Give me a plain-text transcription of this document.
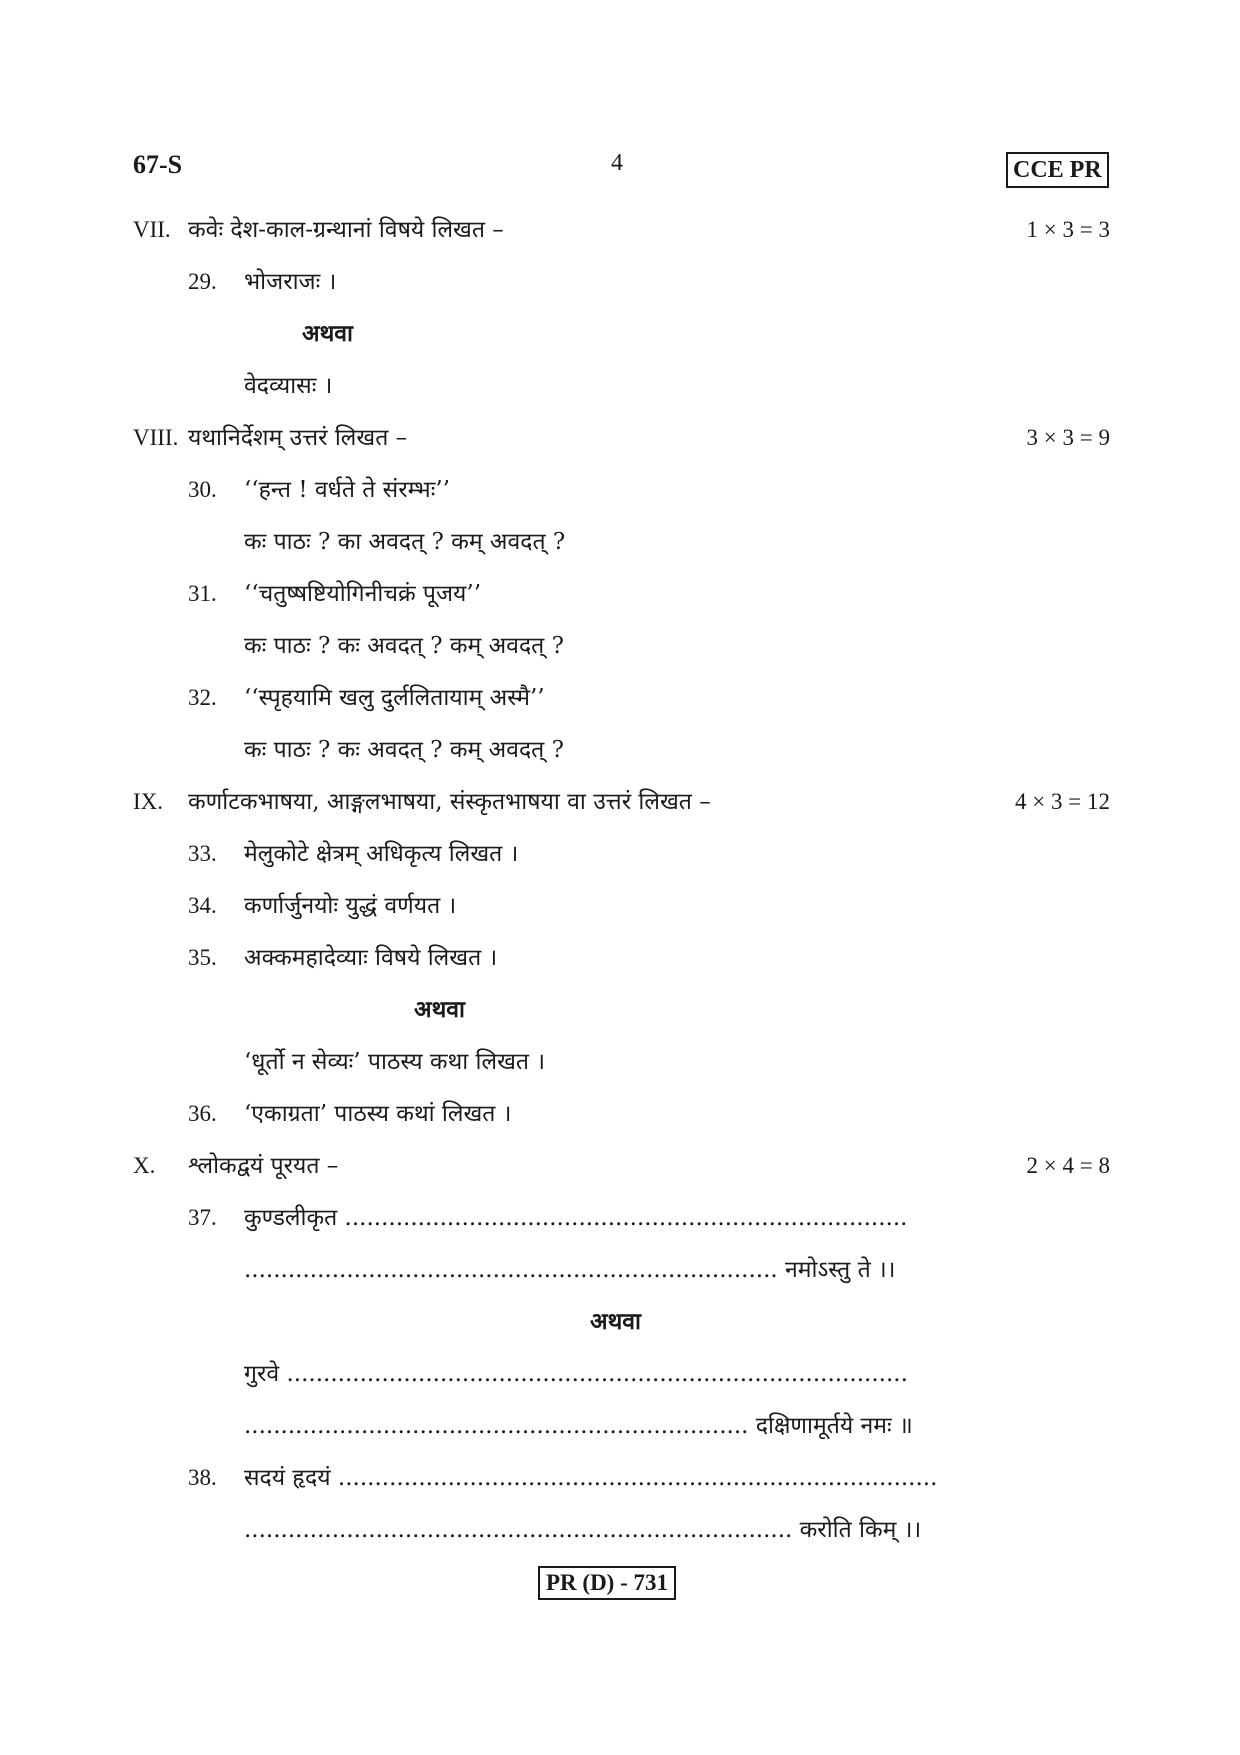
67-S	4	CCE PR
VII. कवेः देश-काल-ग्रन्थानां विषये लिखत –	1 × 3 = 3
29. भोजराजः ।
अथवा
वेदव्यासः ।
VIII. यथानिर्देशम् उत्तरं लिखत –	3 × 3 = 9
30. ‘‘हन्त ! वर्धते ते संरम्भः’’
कः पाठः ? का अवदत् ? कम् अवदत् ?
31. ‘‘चतुष्षष्टियोगिनीचक्रं पूजय’’
कः पाठः ? कः अवदत् ? कम् अवदत् ?
32. ‘‘स्पृहयामि खलु दुर्ललितायाम् अस्मै’’
कः पाठः ? कः अवदत् ? कम् अवदत् ?
IX. कर्णाटकभाषया, आङ्गलभाषया, संस्कृतभाषया वा उत्तरं लिखत –	4 × 3 = 12
33. मेलुकोटे क्षेत्रम् अधिकृत्य लिखत ।
34. कर्णार्जुनयोः युद्धं वर्णयत ।
35. अक्कमहादेव्याः विषये लिखत ।
अथवा
‘धूर्तो न सेव्यः’ पाठस्य कथा लिखत ।
36. ‘एकाग्रता’ पाठस्य कथां लिखत ।
X. श्लोकद्वयं पूरयत –	2 × 4 = 8
37. कुण्डलीकृत .............................................................................
......................................................................... नमोऽस्तु ते ।।
अथवा
गुरवे .....................................................................................
..................................................................... दक्षिणामूर्तये नमः ॥
38. सदयं हृदयं ..................................................................................
........................................................................... करोति किम् ।।
PR (D) - 731
